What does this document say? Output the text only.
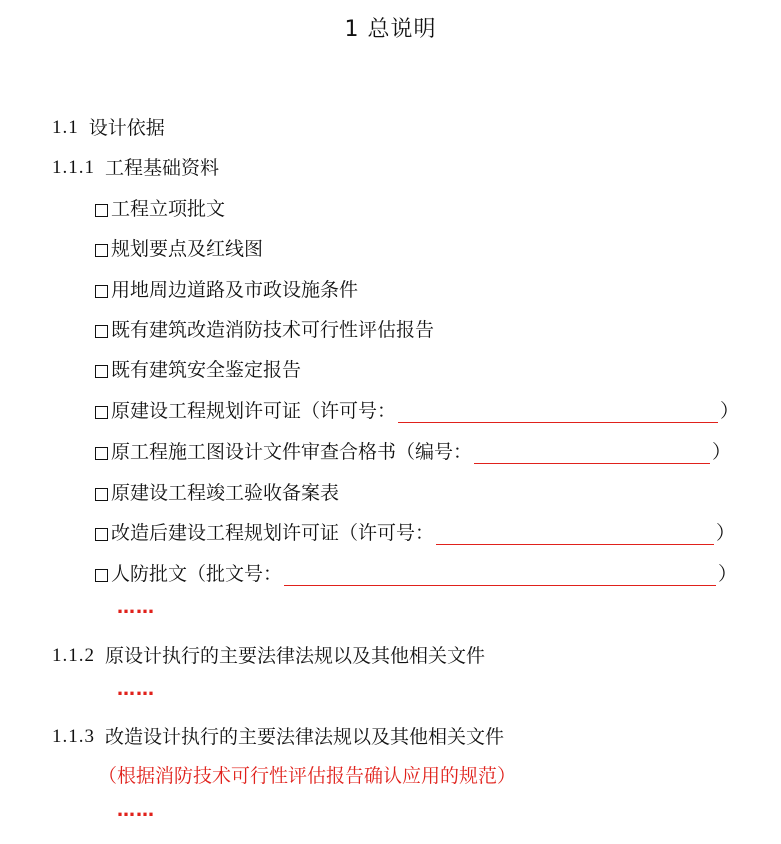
1 总说明
1.1 设计依据
1.1.1 工程基础资料
工程立项批文
规划要点及红线图
用地周边道路及市政设施条件
既有建筑改造消防技术可行性评估报告
既有建筑安全鉴定报告
原建设工程规划许可证（许可号：	）
原工程施工图设计文件审查合格书（编号：	）
原建设工程竣工验收备案表
改造后建设工程规划许可证（许可号：	）
人防批文（批文号：	）
……
1.1.2 原设计执行的主要法律法规以及其他相关文件
……
1.1.3 改造设计执行的主要法律法规以及其他相关文件
（根据消防技术可行性评估报告确认应用的规范）
……
